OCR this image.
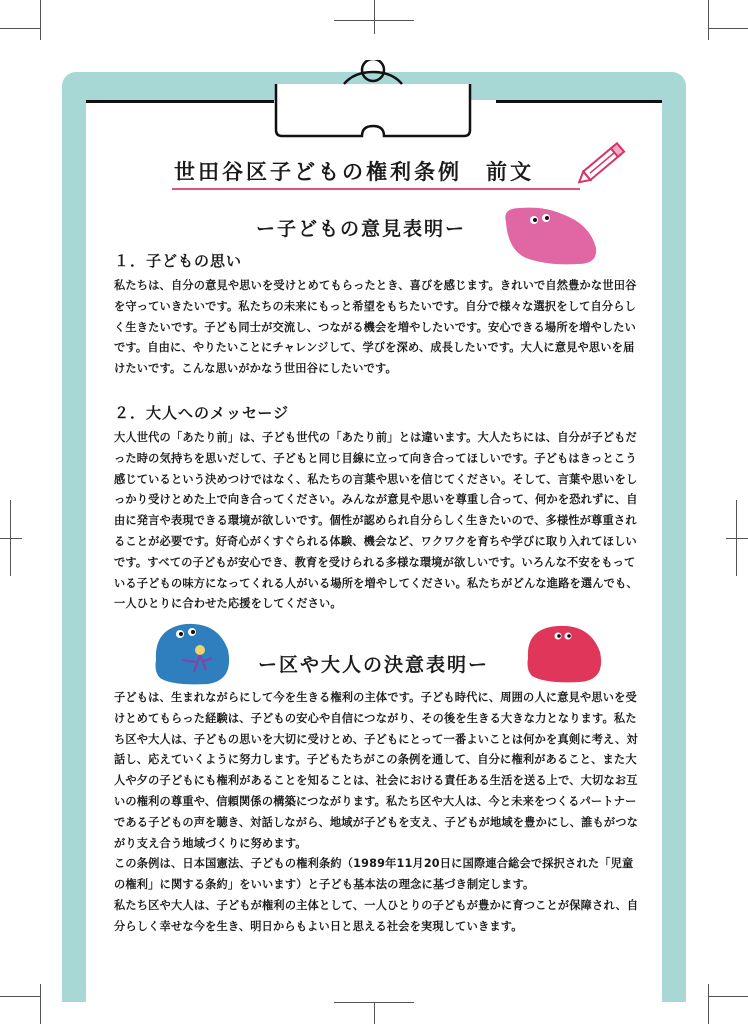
世田谷区子どもの権利条例　前文
ー子どもの意見表明ー
１．子どもの思い
私たちは、自分の意見や思いを受けとめてもらったとき、喜びを感じます。きれいで自然豊かな世田谷を守っていきたいです。私たちの未来にもっと希望をもちたいです。自分で様々な選択をして自分らしく生きたいです。子ども同士が交流し、つながる機会を増やしたいです。安心できる場所を増やしたいです。自由に、やりたいことにチャレンジして、学びを深め、成長したいです。大人に意見や思いを届けたいです。こんな思いがかなう世田谷にしたいです。
２．大人へのメッセージ
大人世代の「あたり前」は、子ども世代の「あたり前」とは違います。大人たちには、自分が子どもだった時の気持ちを思いだして、子どもと同じ目線に立って向き合ってほしいです。子どもはきっとこう感じているという決めつけではなく、私たちの言葉や思いを信じてください。そして、言葉や思いをしっかり受けとめた上で向き合ってください。みんなが意見や思いを尊重し合って、何かを恐れずに、自由に発言や表現できる環境が欲しいです。個性が認められ自分らしく生きたいので、多様性が尊重されることが必要です。好奇心がくすぐられる体験、機会など、ワクワクを育ちや学びに取り入れてほしいです。すべての子どもが安心でき、教育を受けられる多様な環境が欲しいです。いろんな不安をもっている子どもの味方になってくれる人がいる場所を増やしてください。私たちがどんな進路を選んでも、一人ひとりに合わせた応援をしてください。
ー区や大人の決意表明ー

子どもは、生まれながらにして今を生きる権利の主体です。子ども時代に、周囲の人に意見や思いを受けとめてもらった経験は、子どもの安心や自信につながり、その後を生きる大きな力となります。私たち区や大人は、子どもの思いを大切に受けとめ、子どもにとって一番よいことは何かを真剣に考え、対話し、応えていくように努力します。子どもたちがこの条例を通して、自分に権利があること、また大人や夕の子どもにも権利があることを知ることは、社会における責任ある生活を送る上で、大切なお互いの権利の尊重や、信頼関係の構築につながります。私たち区や大人は、今と未来をつくるパートナーである子どもの声を聴き、対話しながら、地域が子どもを支え、子どもが地域を豊かにし、誰もがつながり支え合う地域づくりに努めます。

この条例は、日本国憲法、子どもの権利条約（1989年11月20日に国際連合総会で採択された「児童の権利」に関する条約」をいいます）と子ども基本法の理念に基づき制定します。

私たち区や大人は、子どもが権利の主体として、一人ひとりの子どもが豊かに育つことが保障され、自分らしく幸せな今を生き、明日からもよい日と思える社会を実現していきます。
